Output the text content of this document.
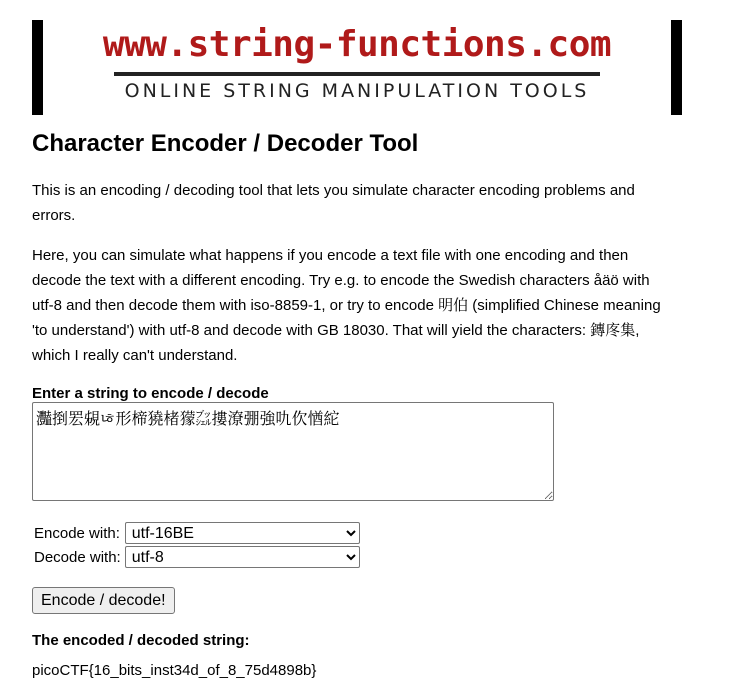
www.string-functions.com
ONLINE STRING MANIPULATION TOOLS
Character Encoder / Decoder Tool

This is an encoding / decoding tool that lets you simulate character encoding problems and errors.

Here, you can simulate what happens if you encode a text file with one encoding and then decode the text with a different encoding. Try e.g. to encode the Swedish characters åäö with utf-8 and then decode them with iso-8859-1, or try to encode 明伯 (simplified Chinese meaning 'to understand') with utf-8 and decode with GB 18030. That will yield the characters: 鏄庝集, which I really can't understand.

Enter a string to encode / decode
灩捯䍔䙻ㄶ形楴獟楮獴㌴摟潦弸強㕤㐸㥢紽
Encode with:	
utf-16BE
Decode with:	
utf-8
Encode / decode!
The encoded / decoded string:
picoCTF{16_bits_inst34d_of_8_75d4898b}
